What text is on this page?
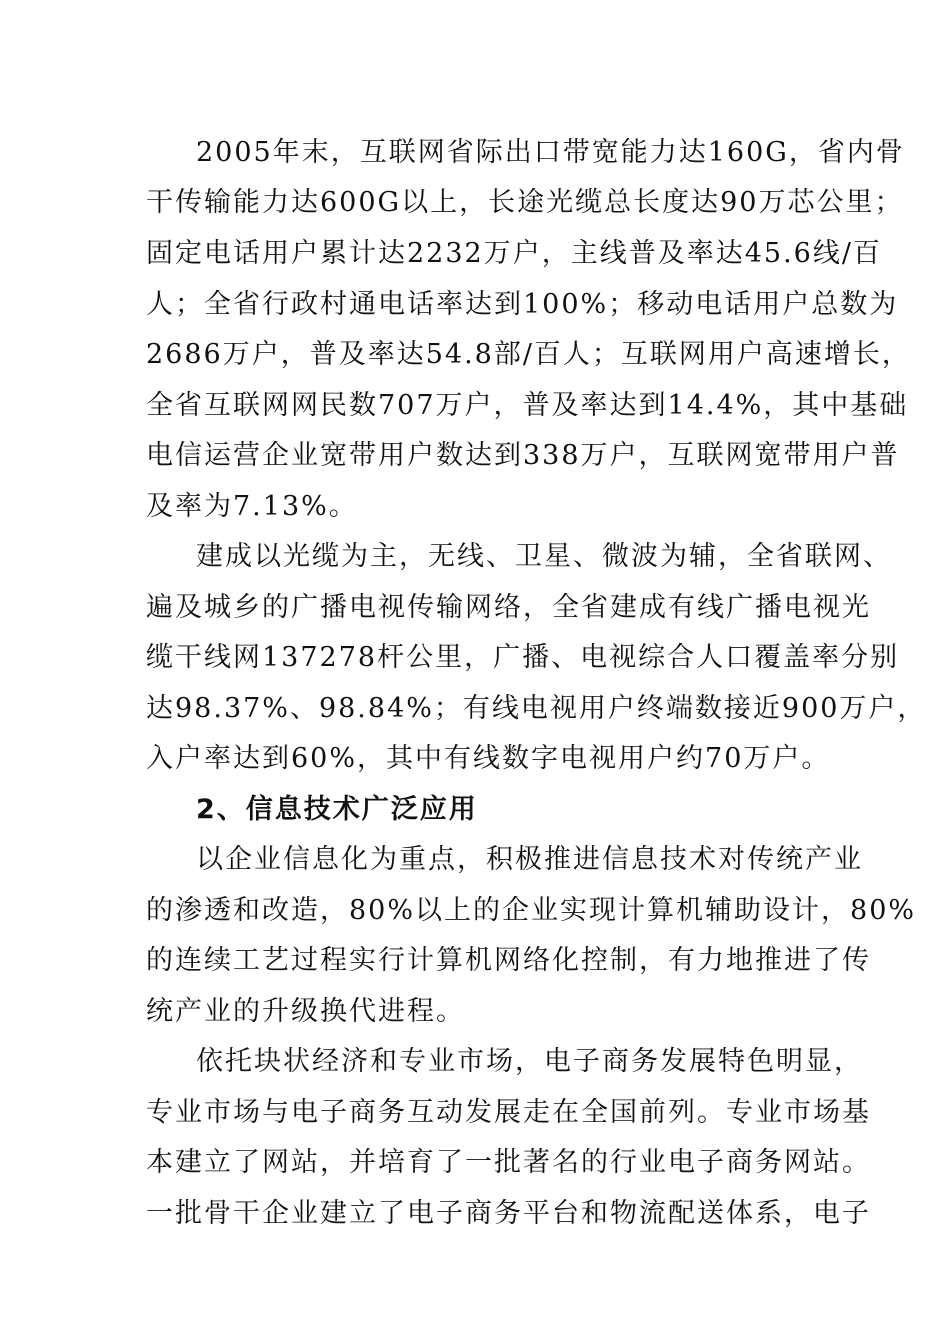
2005年末，互联网省际出口带宽能力达160G，省内骨
干传输能力达600G以上，长途光缆总长度达90万芯公里；
固定电话用户累计达2232万户，主线普及率达45.6线/百
人；全省行政村通电话率达到100%；移动电话用户总数为
2686万户，普及率达54.8部/百人；互联网用户高速增长，
全省互联网网民数707万户，普及率达到14.4%，其中基础
电信运营企业宽带用户数达到338万户，互联网宽带用户普
及率为7.13%。
建成以光缆为主，无线、卫星、微波为辅，全省联网、
遍及城乡的广播电视传输网络，全省建成有线广播电视光
缆干线网137278杆公里，广播、电视综合人口覆盖率分别
达98.37%、98.84%；有线电视用户终端数接近900万户，
入户率达到60%，其中有线数字电视用户约70万户。
2、信息技术广泛应用
以企业信息化为重点，积极推进信息技术对传统产业
的渗透和改造，80%以上的企业实现计算机辅助设计，80%
的连续工艺过程实行计算机网络化控制，有力地推进了传
统产业的升级换代进程。
依托块状经济和专业市场，电子商务发展特色明显，
专业市场与电子商务互动发展走在全国前列。专业市场基
本建立了网站，并培育了一批著名的行业电子商务网站。
一批骨干企业建立了电子商务平台和物流配送体系，电子
